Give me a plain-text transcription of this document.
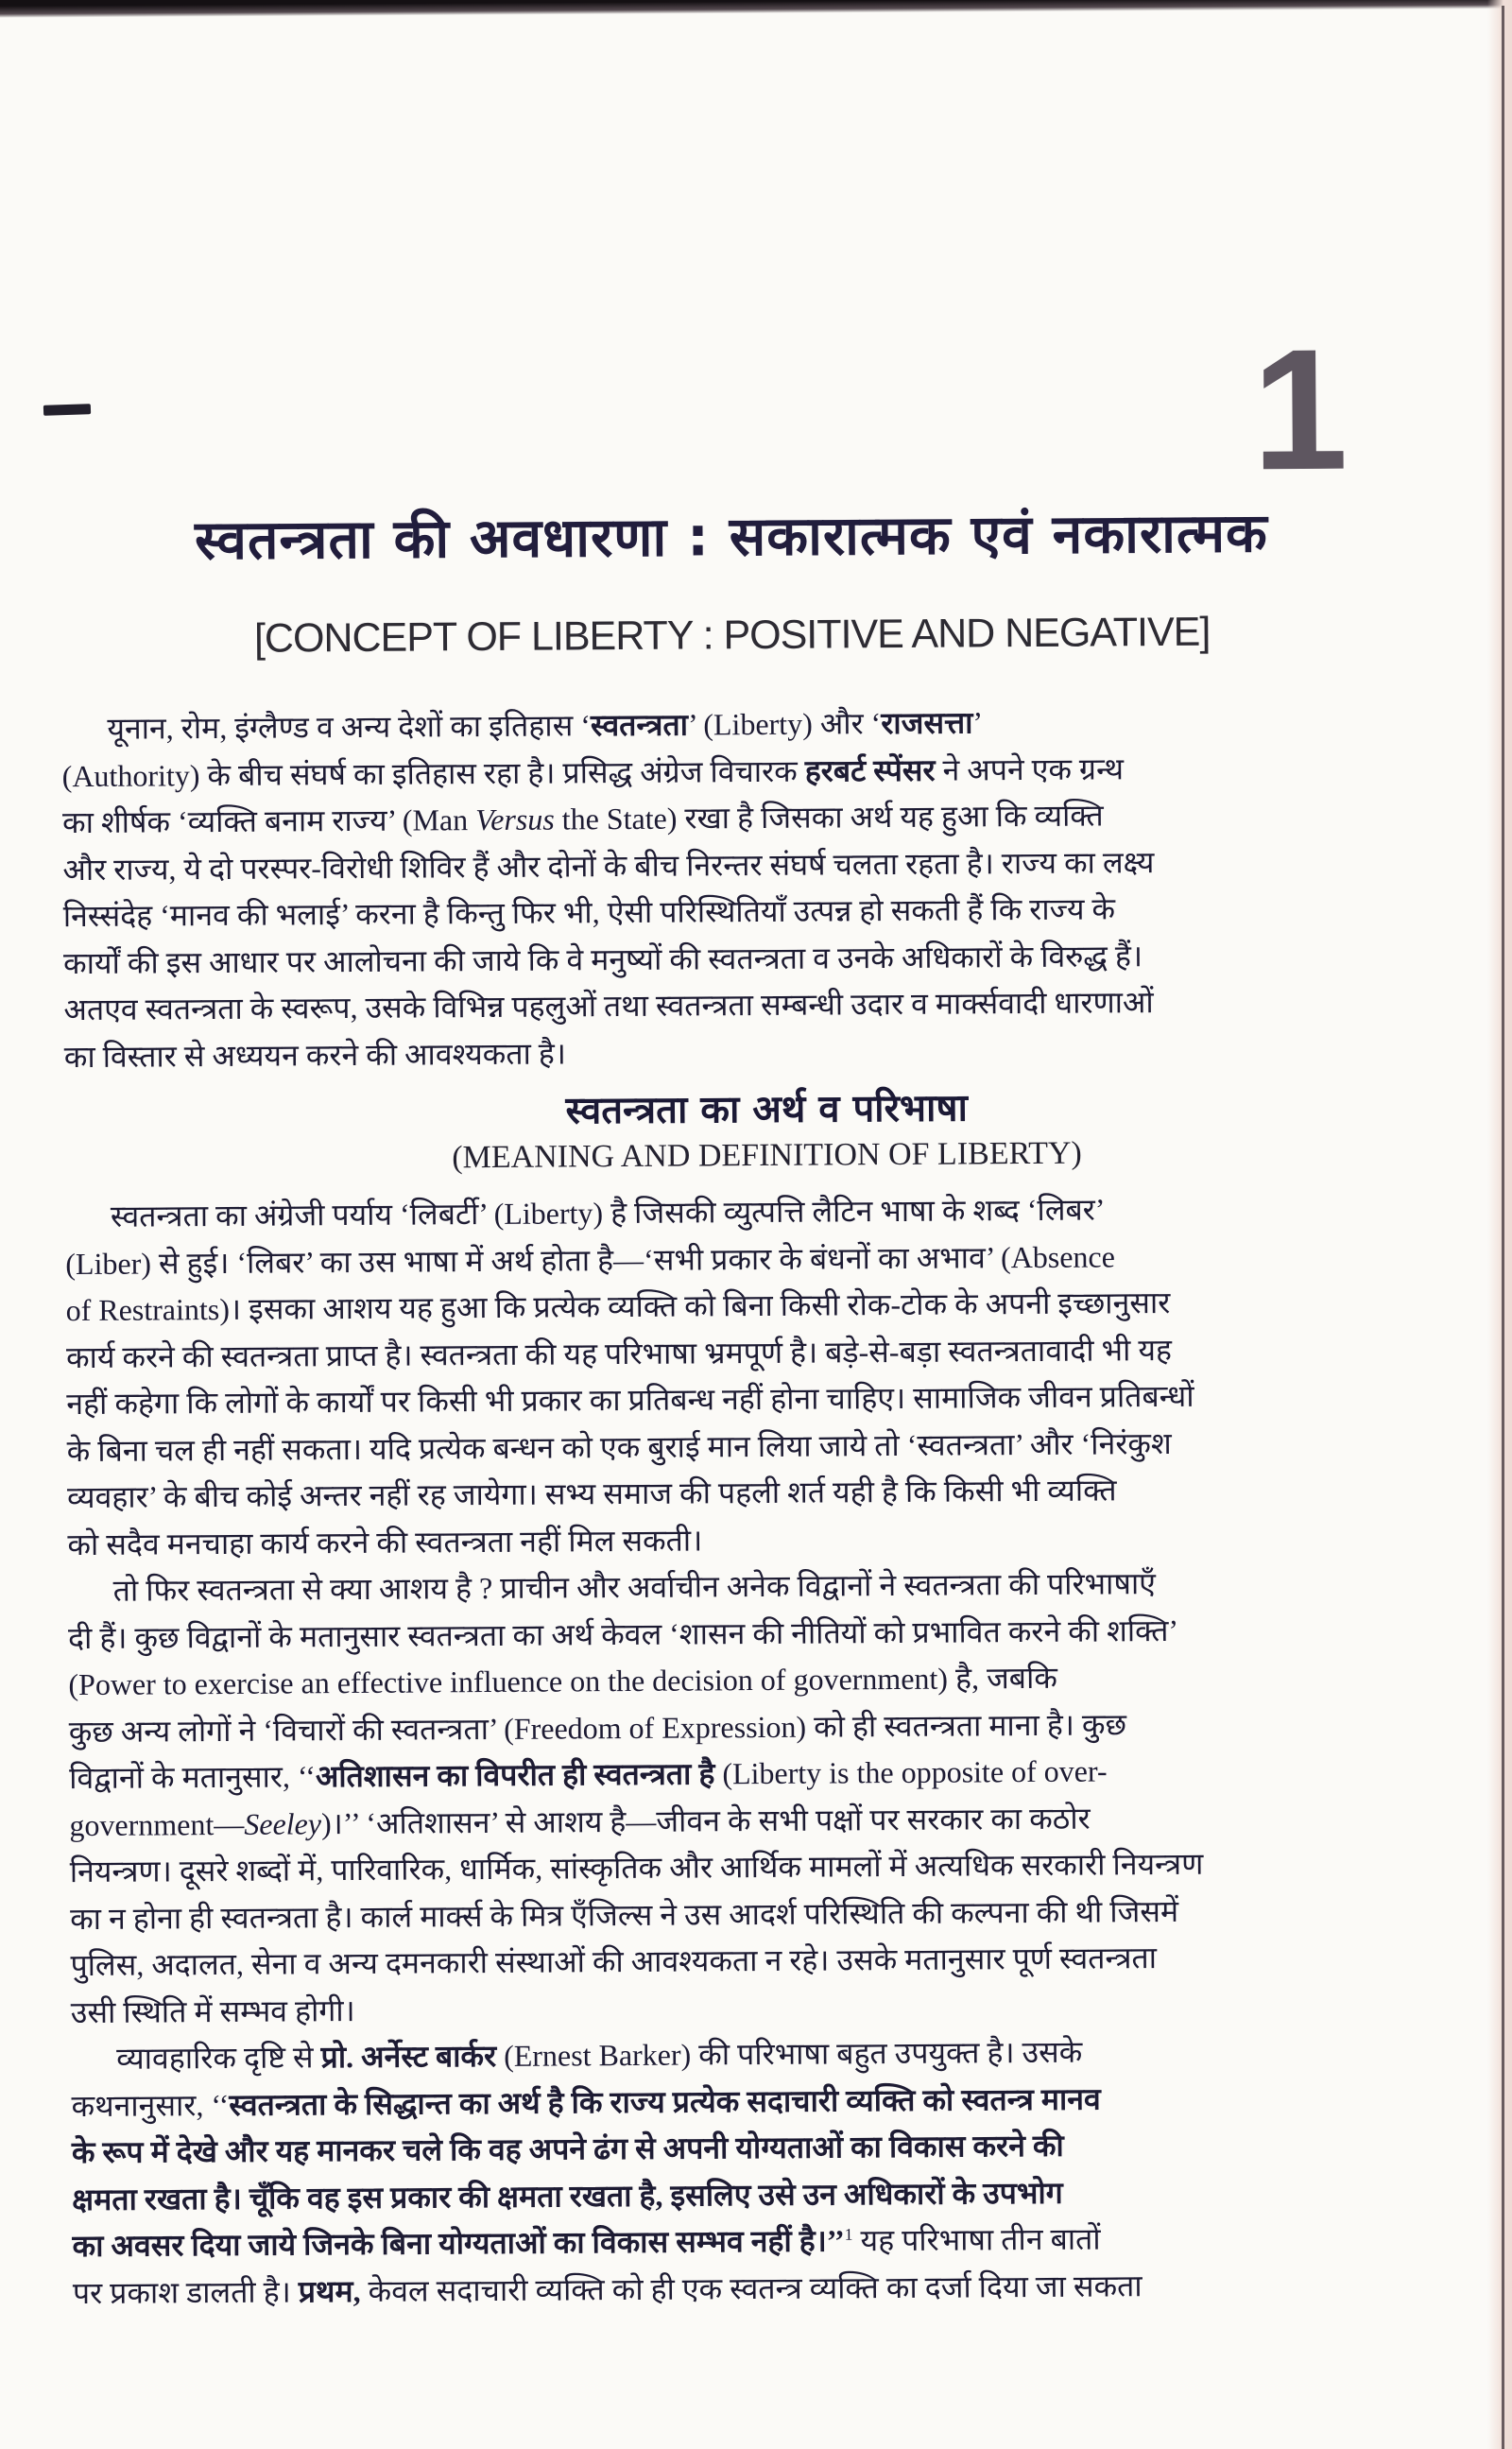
1
स्वतन्त्रता की अवधारणा : सकारात्मक एवं नकारात्मक
[CONCEPT OF LIBERTY : POSITIVE AND NEGATIVE]
यूनान, रोम, इंग्लैण्ड व अन्य देशों का इतिहास ‘स्वतन्त्रता’ (Liberty) और ‘राजसत्ता’
(Authority) के बीच संघर्ष का इतिहास रहा है। प्रसिद्ध अंग्रेज विचारक हरबर्ट स्पेंसर ने अपने एक ग्रन्थ
का शीर्षक ‘व्यक्ति बनाम राज्य’ (Man Versus the State) रखा है जिसका अर्थ यह हुआ कि व्यक्ति
और राज्य, ये दो परस्पर-विरोधी शिविर हैं और दोनों के बीच निरन्तर संघर्ष चलता रहता है। राज्य का लक्ष्य
निस्संदेह ‘मानव की भलाई’ करना है किन्तु फिर भी, ऐसी परिस्थितियाँ उत्पन्न हो सकती हैं कि राज्य के
कार्यों की इस आधार पर आलोचना की जाये कि वे मनुष्यों की स्वतन्त्रता व उनके अधिकारों के विरुद्ध हैं।
अतएव स्वतन्त्रता के स्वरूप, उसके विभिन्न पहलुओं तथा स्वतन्त्रता सम्बन्धी उदार व मार्क्सवादी धारणाओं
का विस्तार से अध्ययन करने की आवश्यकता है।
स्वतन्त्रता का अर्थ व परिभाषा
(MEANING AND DEFINITION OF LIBERTY)
स्वतन्त्रता का अंग्रेजी पर्याय ‘लिबर्टी’ (Liberty) है जिसकी व्युत्पत्ति लैटिन भाषा के शब्द ‘लिबर’
(Liber) से हुई। ‘लिबर’ का उस भाषा में अर्थ होता है—‘सभी प्रकार के बंधनों का अभाव’ (Absence
of Restraints)। इसका आशय यह हुआ कि प्रत्येक व्यक्ति को बिना किसी रोक-टोक के अपनी इच्छानुसार
कार्य करने की स्वतन्त्रता प्राप्त है। स्वतन्त्रता की यह परिभाषा भ्रमपूर्ण है। बड़े-से-बड़ा स्वतन्त्रतावादी भी यह
नहीं कहेगा कि लोगों के कार्यों पर किसी भी प्रकार का प्रतिबन्ध नहीं होना चाहिए। सामाजिक जीवन प्रतिबन्धों
के बिना चल ही नहीं सकता। यदि प्रत्येक बन्धन को एक बुराई मान लिया जाये तो ‘स्वतन्त्रता’ और ‘निरंकुश
व्यवहार’ के बीच कोई अन्तर नहीं रह जायेगा। सभ्य समाज की पहली शर्त यही है कि किसी भी व्यक्ति
को सदैव मनचाहा कार्य करने की स्वतन्त्रता नहीं मिल सकती।
तो फिर स्वतन्त्रता से क्या आशय है ? प्राचीन और अर्वाचीन अनेक विद्वानों ने स्वतन्त्रता की परिभाषाएँ
दी हैं। कुछ विद्वानों के मतानुसार स्वतन्त्रता का अर्थ केवल ‘शासन की नीतियों को प्रभावित करने की शक्ति’
(Power to exercise an effective influence on the decision of government) है, जबकि
कुछ अन्य लोगों ने ‘विचारों की स्वतन्त्रता’ (Freedom of Expression) को ही स्वतन्त्रता माना है। कुछ
विद्वानों के मतानुसार, ‘‘अतिशासन का विपरीत ही स्वतन्त्रता है (Liberty is the opposite of over-
government—Seeley)।’’ ‘अतिशासन’ से आशय है—जीवन के सभी पक्षों पर सरकार का कठोर
नियन्त्रण। दूसरे शब्दों में, पारिवारिक, धार्मिक, सांस्कृतिक और आर्थिक मामलों में अत्यधिक सरकारी नियन्त्रण
का न होना ही स्वतन्त्रता है। कार्ल मार्क्स के मित्र एँजिल्स ने उस आदर्श परिस्थिति की कल्पना की थी जिसमें
पुलिस, अदालत, सेना व अन्य दमनकारी संस्थाओं की आवश्यकता न रहे। उसके मतानुसार पूर्ण स्वतन्त्रता
उसी स्थिति में सम्भव होगी।
व्यावहारिक दृष्टि से प्रो. अर्नेस्ट बार्कर (Ernest Barker) की परिभाषा बहुत उपयुक्त है। उसके
कथनानुसार, ‘‘स्वतन्त्रता के सिद्धान्त का अर्थ है कि राज्य प्रत्येक सदाचारी व्यक्ति को स्वतन्त्र मानव
के रूप में देखे और यह मानकर चले कि वह अपने ढंग से अपनी योग्यताओं का विकास करने की
क्षमता रखता है। चूँकि वह इस प्रकार की क्षमता रखता है, इसलिए उसे उन अधिकारों के उपभोग
का अवसर दिया जाये जिनके बिना योग्यताओं का विकास सम्भव नहीं है।’’$^1$ यह परिभाषा तीन बातों
पर प्रकाश डालती है। प्रथम, केवल सदाचारी व्यक्ति को ही एक स्वतन्त्र व्यक्ति का दर्जा दिया जा सकता
